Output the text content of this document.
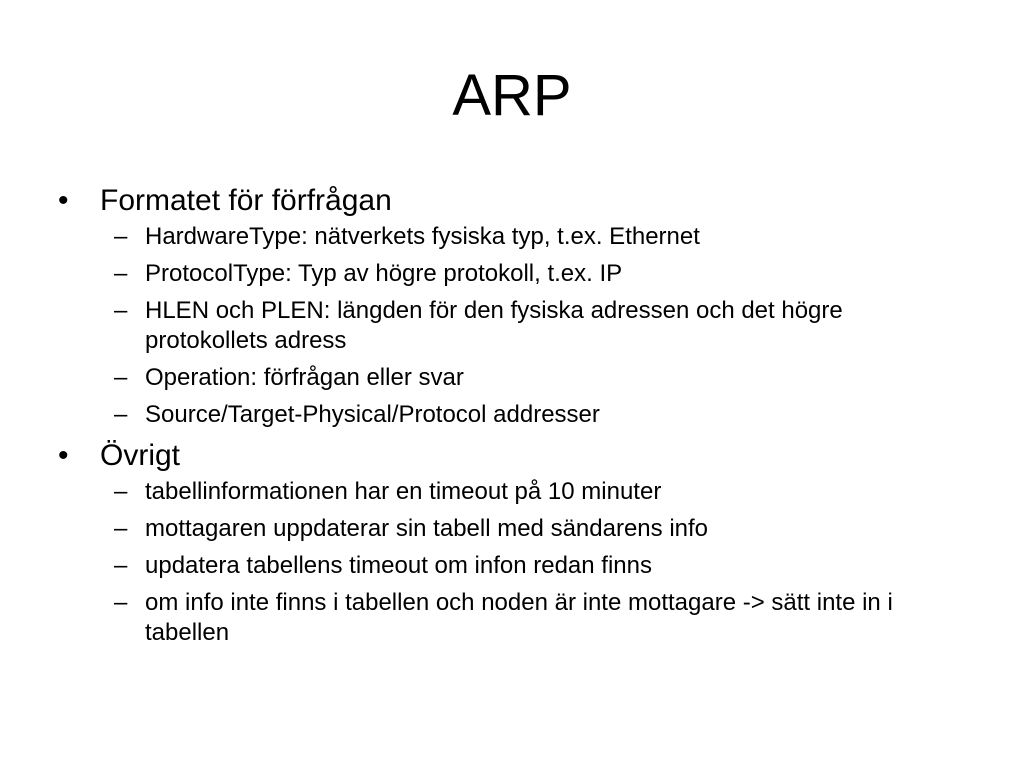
ARP
• Formatet för förfrågan
– HardwareType: nätverkets fysiska typ, t.ex. Ethernet
– ProtocolType: Typ av högre protokoll, t.ex. IP
– HLEN och PLEN: längden för den fysiska adressen och det högre protokollets adress
– Operation: förfrågan eller svar
– Source/Target-Physical/Protocol addresser
• Övrigt
– tabellinformationen har en timeout på 10 minuter
– mottagaren uppdaterar sin tabell med sändarens info
– updatera tabellens timeout om infon redan finns
– om info inte finns i tabellen och noden är inte mottagare -> sätt inte in i tabellen
